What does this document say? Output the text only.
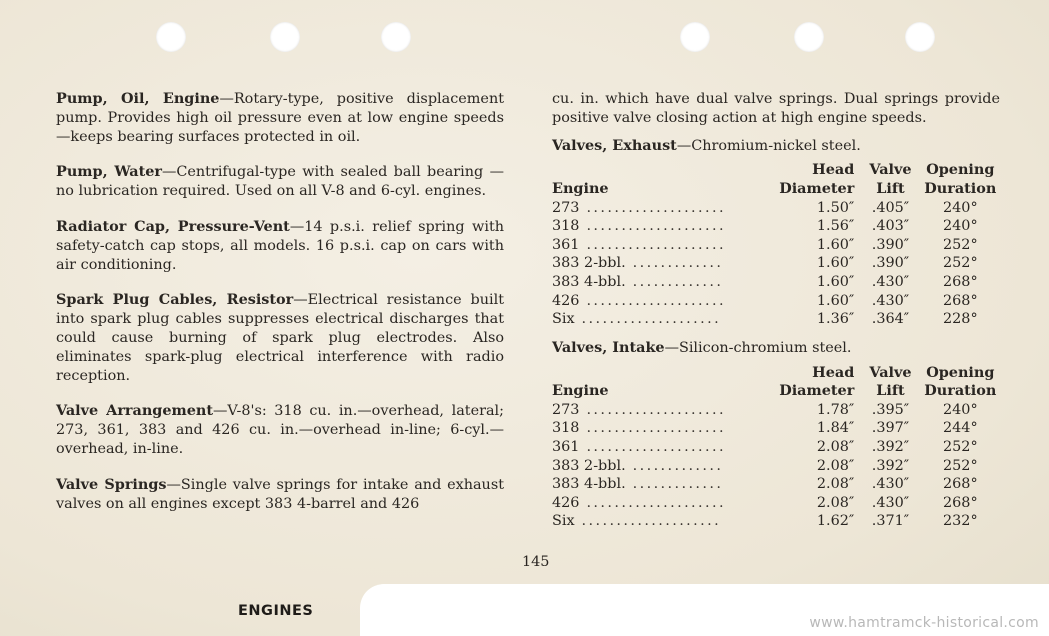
Pump, Oil, Engine—Rotary-type, positive displacement pump. Provides high oil pressure even at low engine speeds—keeps bearing surfaces protected in oil.

Pump, Water—Centrifugal-type with sealed ball bearing —no lubrication required. Used on all V-8 and 6-cyl. engines.

Radiator Cap, Pressure-Vent—14 p.s.i. relief spring with safety-catch cap stops, all models. 16 p.s.i. cap on cars with air conditioning.

Spark Plug Cables, Resistor—Electrical resistance built into spark plug cables suppresses electrical discharges that could cause burning of spark plug electrodes. Also eliminates spark-plug electrical interference with radio reception.

Valve Arrangement—V-8's: 318 cu. in.—overhead, lateral; 273, 361, 383 and 426 cu. in.—overhead in-line; 6-cyl.—overhead, in-line.

Valve Springs—Single valve springs for intake and exhaust valves on all engines except 383 4-barrel and 426

cu. in. which have dual valve springs. Dual springs provide positive valve closing action at high engine speeds.

Valves, Exhaust—Chromium-nickel steel.
	Head	Valve	Opening
Engine	Diameter	Lift	Duration
273 ....................	1.50″	.405″	240°
318 ....................	1.56″	.403″	240°
361 ....................	1.60″	.390″	252°
383 2-bbl. .............	1.60″	.390″	252°
383 4-bbl. .............	1.60″	.430″	268°
426 ....................	1.60″	.430″	268°
Six ....................	1.36″	.364″	228°
Valves, Intake—Silicon-chromium steel.
	Head	Valve	Opening
Engine	Diameter	Lift	Duration
273 ....................	1.78″	.395″	240°
318 ....................	1.84″	.397″	244°
361 ....................	2.08″	.392″	252°
383 2-bbl. .............	2.08″	.392″	252°
383 4-bbl. .............	2.08″	.430″	268°
426 ....................	2.08″	.430″	268°
Six ....................	1.62″	.371″	232°
145
ENGINES
www.hamtramck-historical.com
